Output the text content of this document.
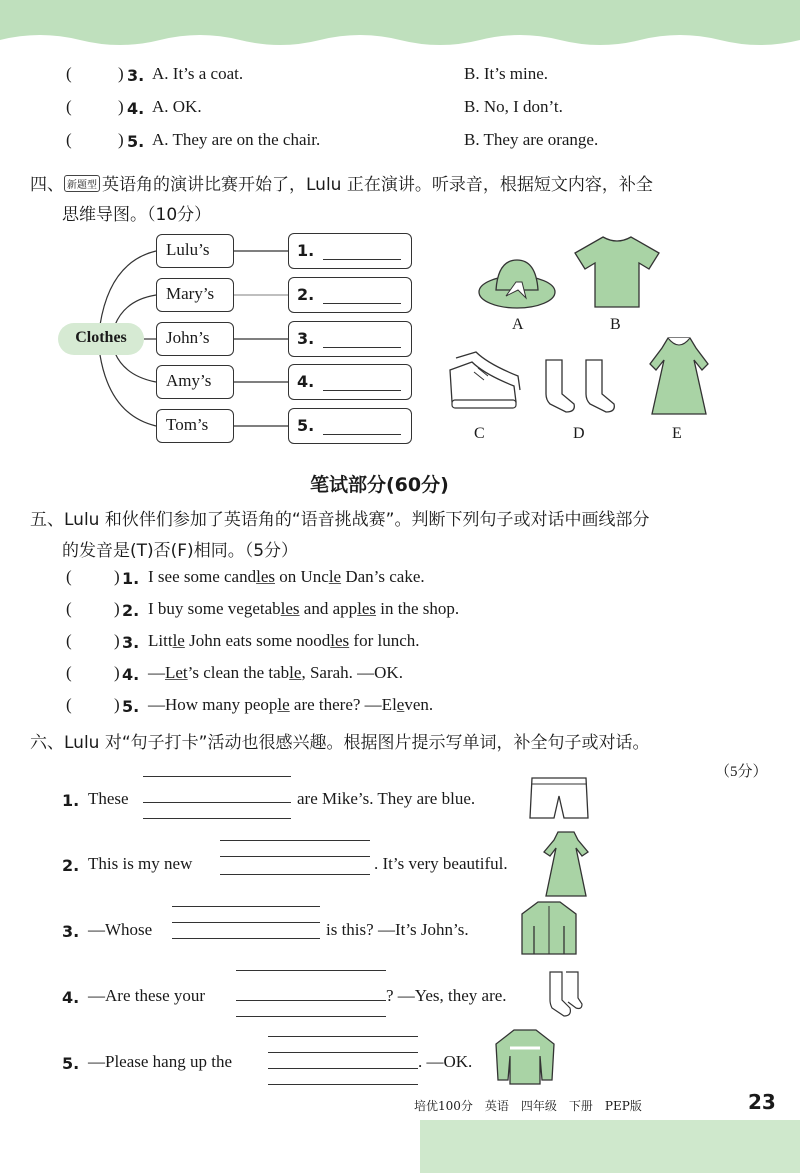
(	) 3. A. It’s a coat.	B. It’s mine.
(	) 4. A. OK.	B. No, I don’t.
(	) 5. A. They are on the chair.	B. They are orange.
四、 新题型 英语角的演讲比赛开始了，Lulu 正在演讲。听录音，根据短文内容，补全
思维导图。（10分）
Clothes
Lulu’s
Mary’s
John’s
Amy’s
Tom’s
1.
2.
3.
4.
5.
A	B
C	D	E
笔试部分(60分)
五、Lulu 和伙伴们参加了英语角的“语音挑战赛”。判断下列句子或对话中画线部分
的发音是(T)否(F)相同。（5分）
( ) 1. I see some candles on Uncle Dan’s cake.
( ) 2. I buy some vegetables and apples in the shop.
( ) 3. Little John eats some noodles for lunch.
( ) 4. —Let’s clean the table, Sarah. —OK.
( ) 5. —How many people are there? —Eleven.
六、Lulu 对“句子打卡”活动也很感兴趣。根据图片提示写单词，补全句子或对话。
（5分）
1. These	are Mike’s. They are blue.
2. This is my new	. It’s very beautiful.
3. —Whose	is this? —It’s John’s.
4. —Are these your	? —Yes, they are.
5. —Please hang up the	. —OK.
培优100分　英语　四年级　下册　PEP版	23
